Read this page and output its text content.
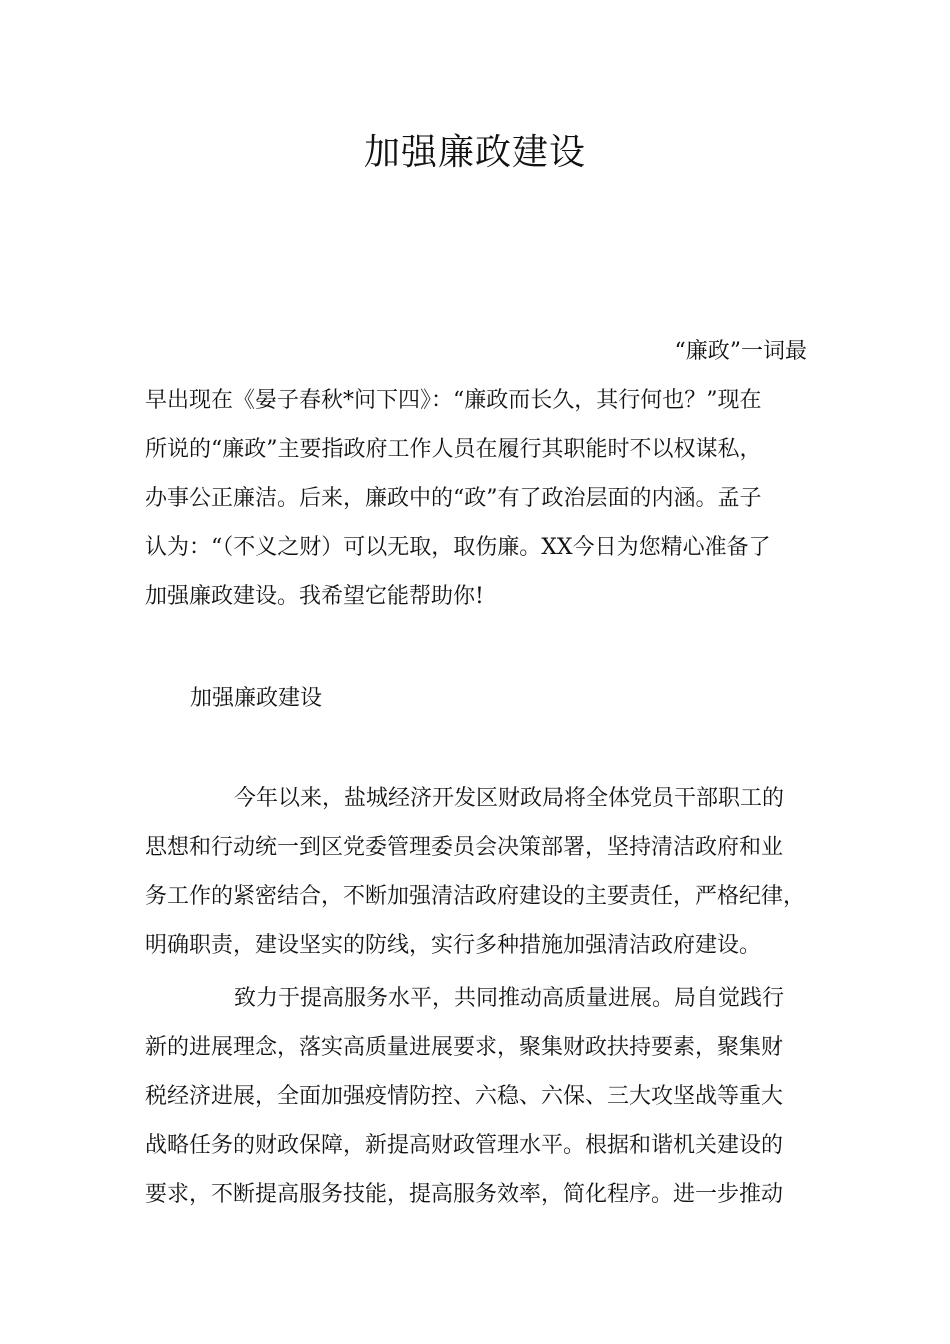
加强廉政建设
“廉政”一词最
早出现在《晏子春秋*问下四》：“廉政而长久，其行何也？”现在
所说的“廉政”主要指政府工作人员在履行其职能时不以权谋私，
办事公正廉洁。后来，廉政中的“政”有了政治层面的内涵。孟子
认为：“（不义之财）可以无取，取伤廉。XX今日为您精心准备了
加强廉政建设。我希望它能帮助你!
加强廉政建设
今年以来，盐城经济开发区财政局将全体党员干部职工的
思想和行动统一到区党委管理委员会决策部署，坚持清洁政府和业
务工作的紧密结合，不断加强清洁政府建设的主要责任，严格纪律，
明确职责，建设坚实的防线，实行多种措施加强清洁政府建设。
致力于提高服务水平，共同推动高质量进展。局自觉践行
新的进展理念，落实高质量进展要求，聚集财政扶持要素，聚集财
税经济进展，全面加强疫情防控、六稳、六保、三大攻坚战等重大
战略任务的财政保障，新提高财政管理水平。根据和谐机关建设的
要求，不断提高服务技能，提高服务效率，简化程序。进一步推动
